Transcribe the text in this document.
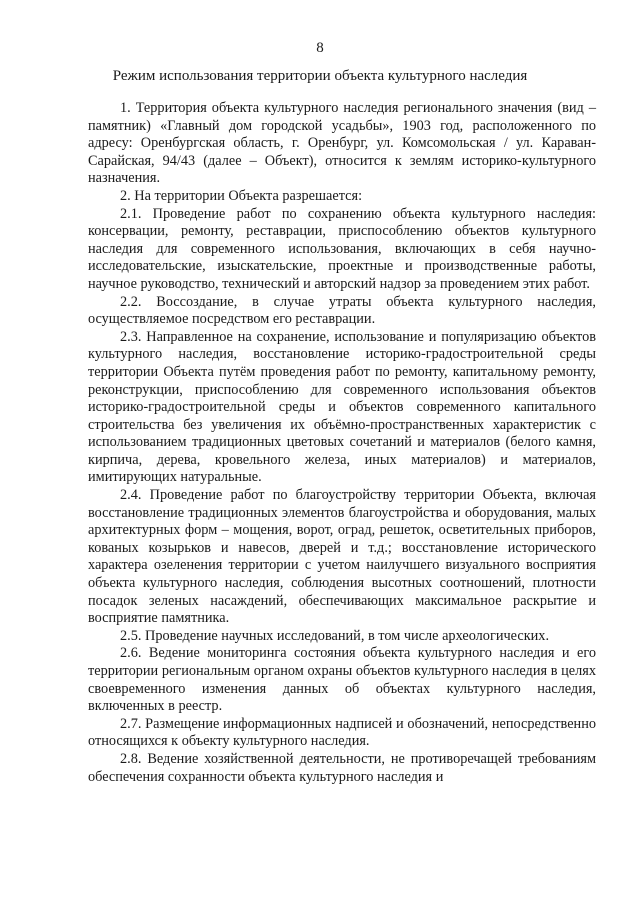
8
Режим использования территории объекта культурного наследия

1. Территория объекта культурного наследия регионального значения (вид – памятник) «Главный дом городской усадьбы», 1903 год, расположенного по адресу: Оренбургская область, г. Оренбург, ул. Комсомольская / ул. Караван-Сарайская, 94/43 (далее – Объект), относится к землям историко-культурного назначения.

2. На территории Объекта разрешается:

2.1. Проведение работ по сохранению объекта культурного наследия: консервации, ремонту, реставрации, приспособлению объектов культурного наследия для современного использования, включающих в себя научно-исследовательские, изыскательские, проектные и производственные работы, научное руководство, технический и авторский надзор за проведением этих работ.

2.2. Воссоздание, в случае утраты объекта культурного наследия, осуществляемое посредством его реставрации.

2.3. Направленное на сохранение, использование и популяризацию объектов культурного наследия, восстановление историко-градостроительной среды территории Объекта путём проведения работ по ремонту, капитальному ремонту, реконструкции, приспособлению для современного использования объектов историко-градостроительной среды и объектов современного капитального строительства без увеличения их объёмно-пространственных характеристик с использованием традиционных цветовых сочетаний и материалов (белого камня, кирпича, дерева, кровельного железа, иных материалов) и материалов, имитирующих натуральные.

2.4. Проведение работ по благоустройству территории Объекта, включая восстановление традиционных элементов благоустройства и оборудования, малых архитектурных форм – мощения, ворот, оград, решеток, осветительных приборов, кованых козырьков и навесов, дверей и т.д.; восстановление исторического характера озеленения территории с учетом наилучшего визуального восприятия объекта культурного наследия, соблюдения высотных соотношений, плотности посадок зеленых насаждений, обеспечивающих максимальное раскрытие и восприятие памятника.

2.5. Проведение научных исследований, в том числе археологических.

2.6. Ведение мониторинга состояния объекта культурного наследия и его территории региональным органом охраны объектов культурного наследия в целях своевременного изменения данных об объектах культурного наследия, включенных в реестр.

2.7. Размещение информационных надписей и обозначений, непосредственно относящихся к объекту культурного наследия.

2.8. Ведение хозяйственной деятельности, не противоречащей требованиям обеспечения сохранности объекта культурного наследия и
